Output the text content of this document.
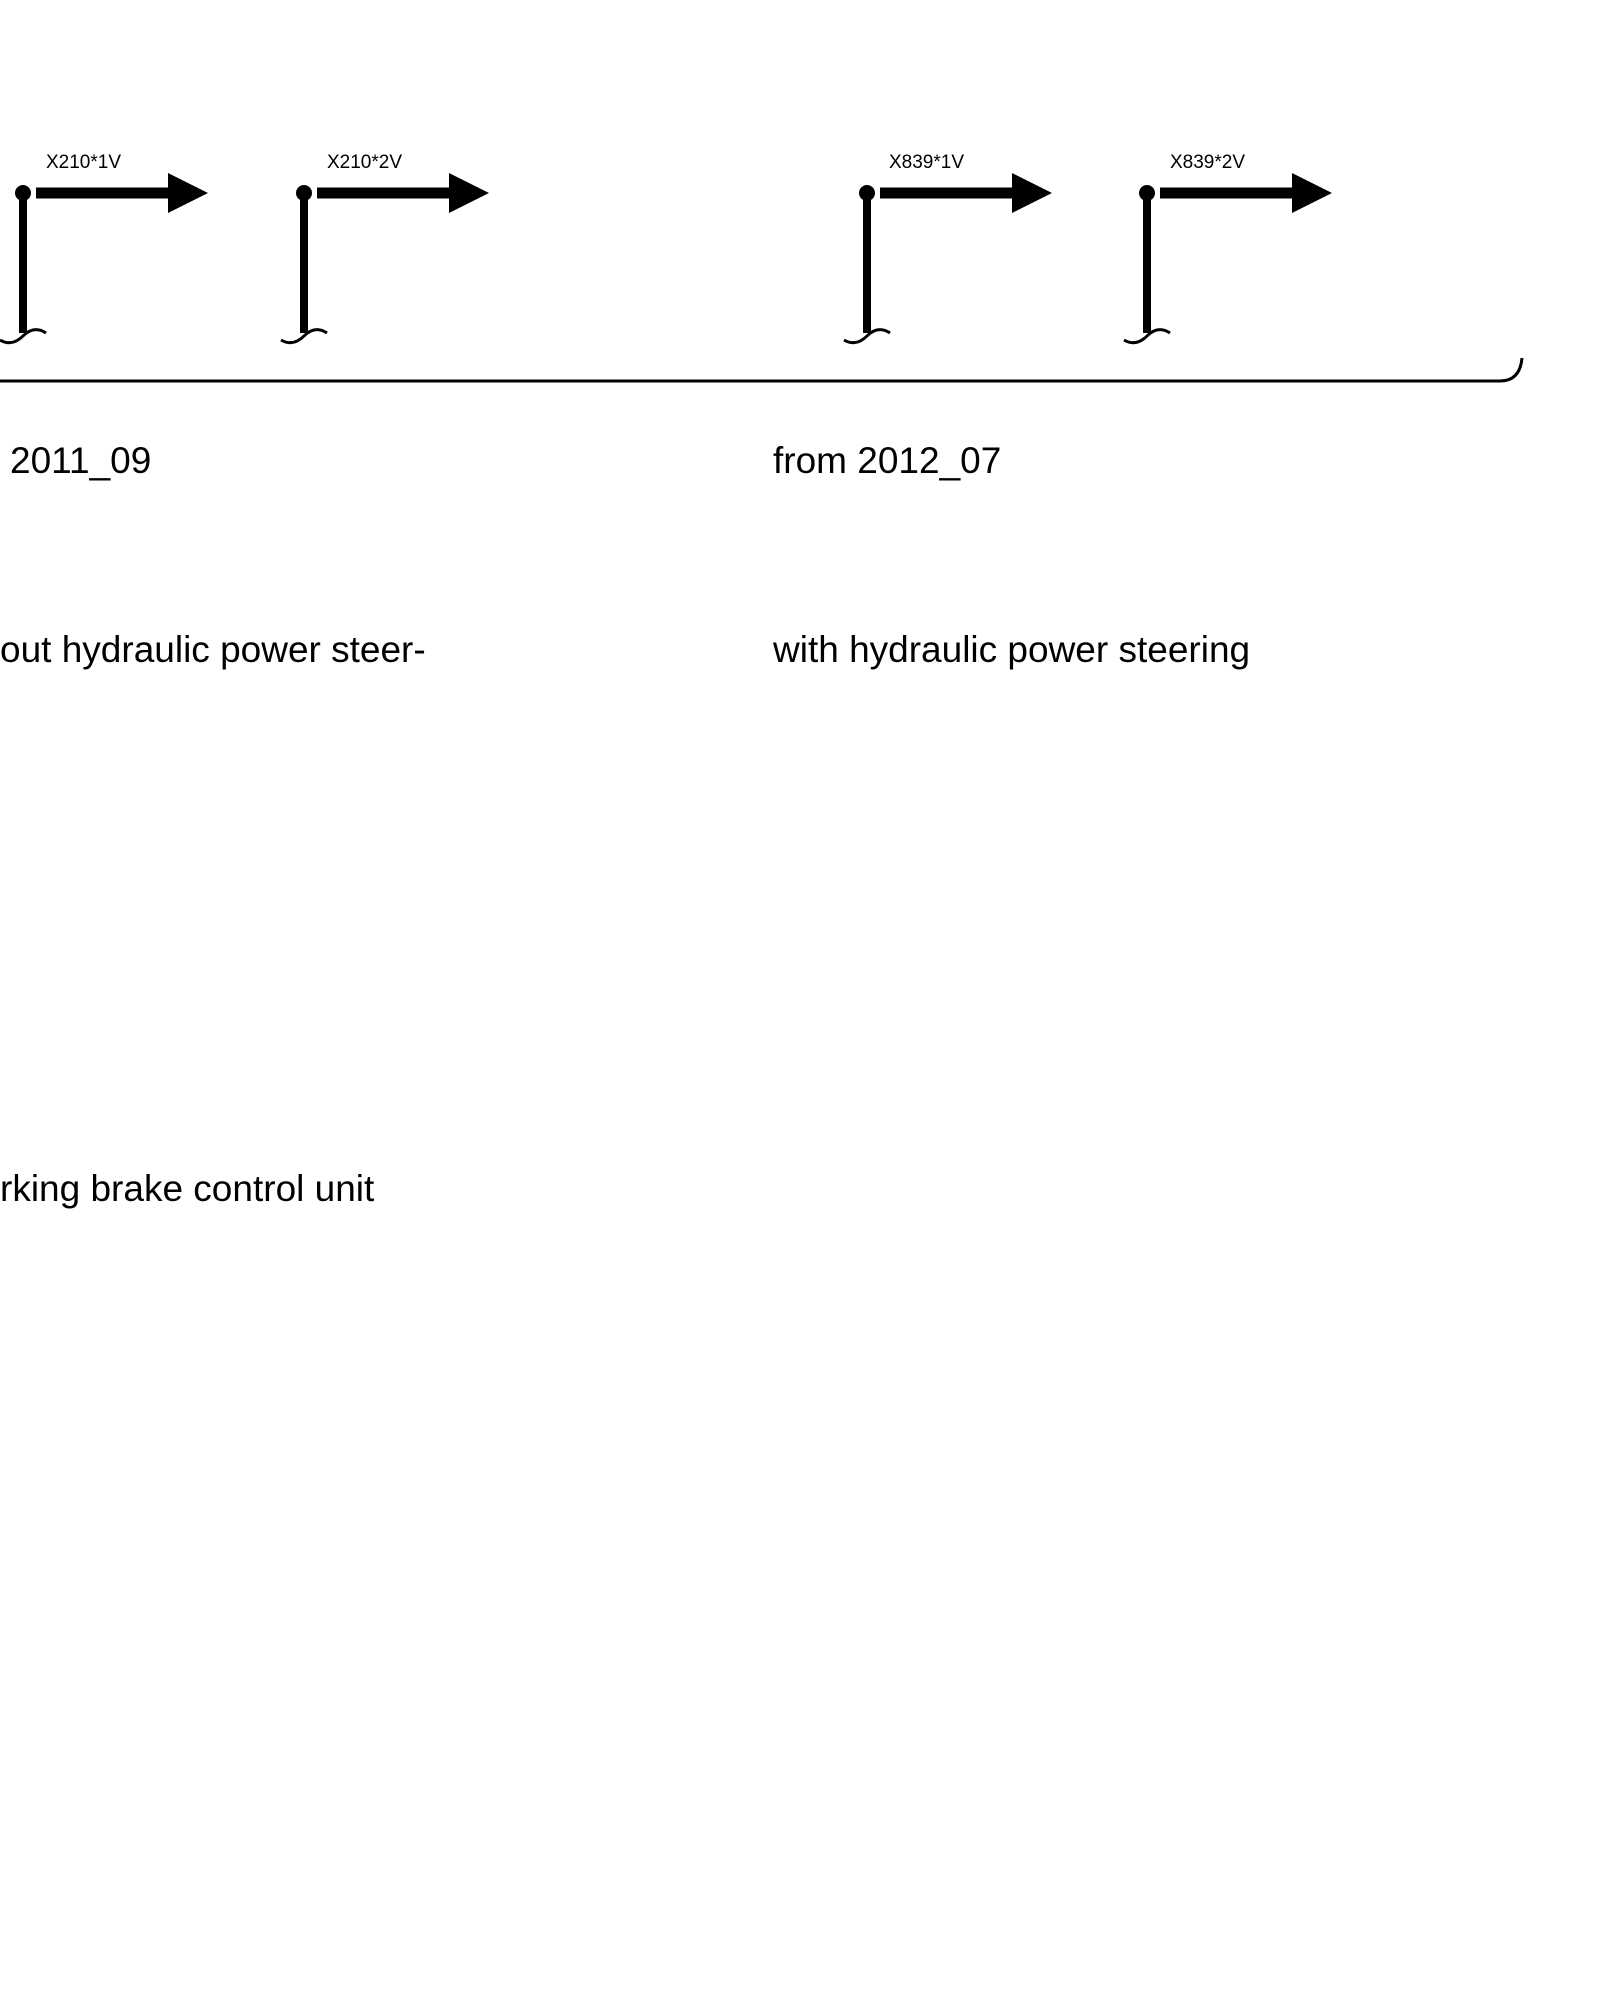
X210*1V	X210*2V	X839*1V	X839*2V

2011_09	from 2012_07

out hydraulic power steer-	with hydraulic power steering

rking brake control unit
